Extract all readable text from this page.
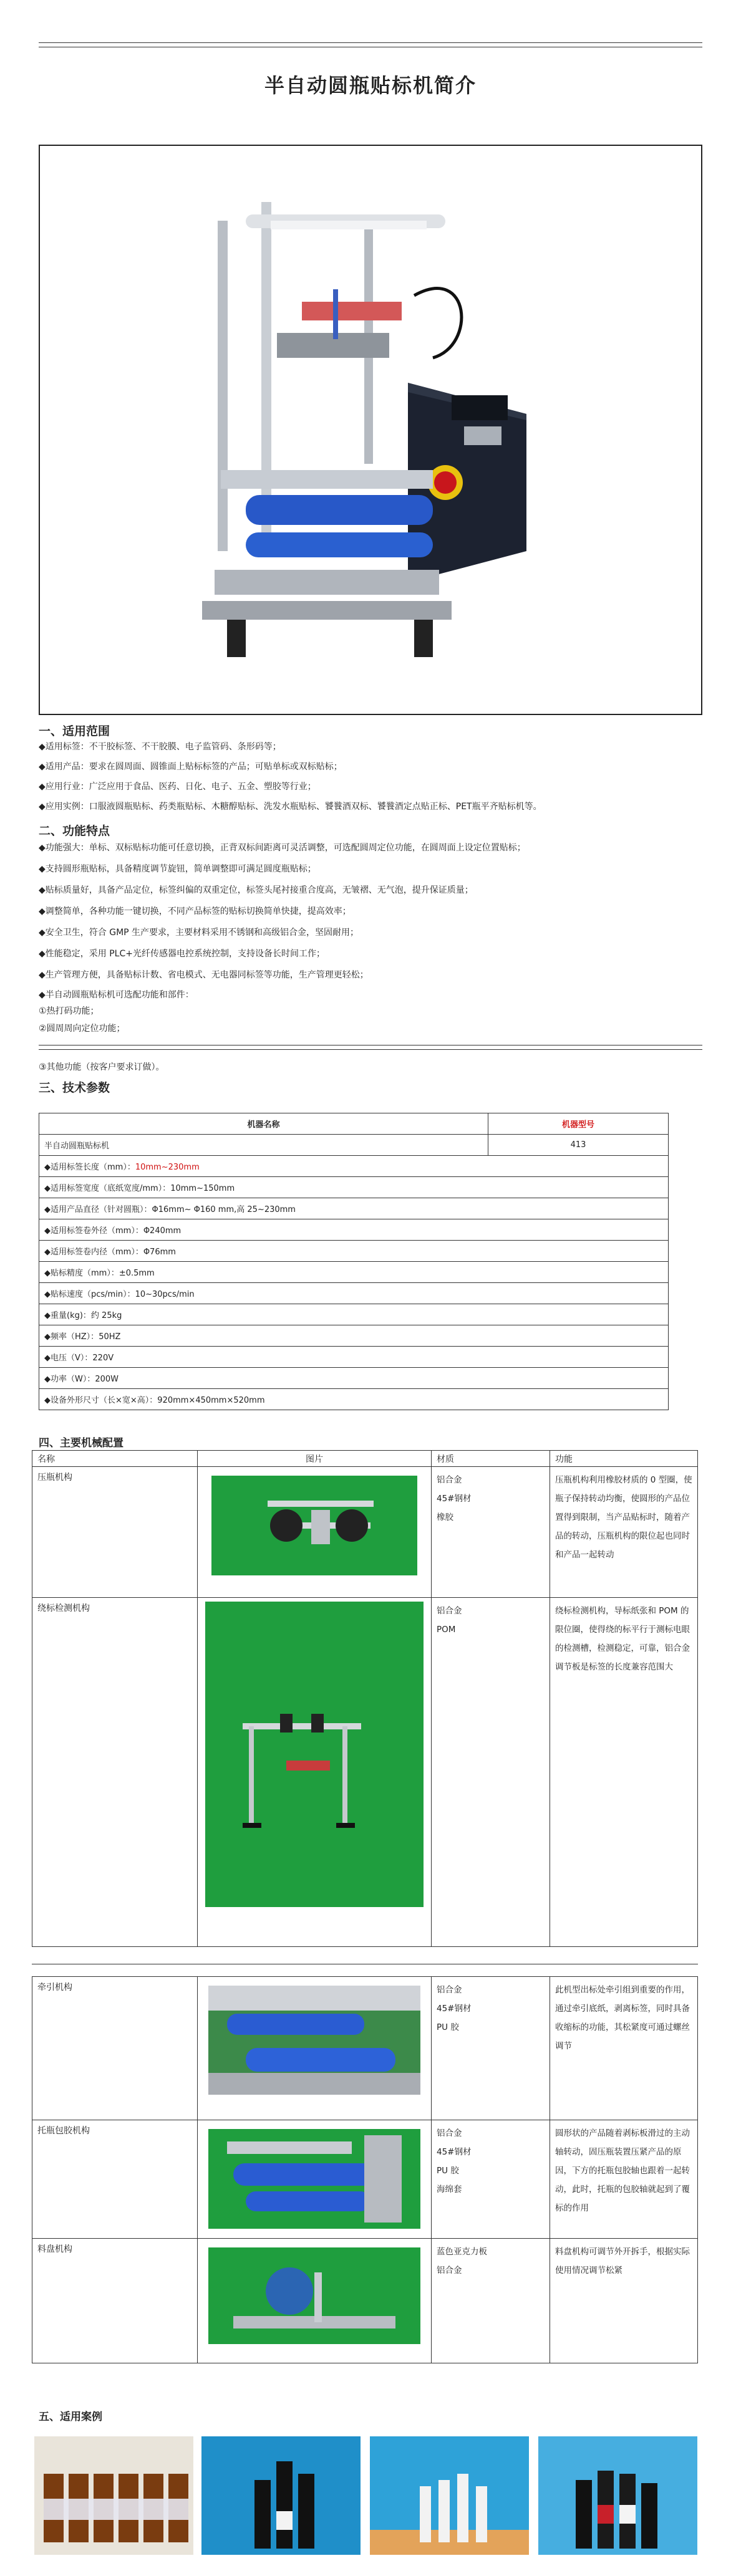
半自动圆瓶贴标机简介
一、适用范围
◆适用标签：不干胶标签、不干胶膜、电子监管码、条形码等；
◆适用产品：要求在圆周面、圆锥面上贴标标签的产品；可贴单标或双标贴标；
◆应用行业：广泛应用于食品、医药、日化、电子、五金、塑胶等行业；
◆应用实例：口服液圆瓶贴标、药类瓶贴标、木糖醇贴标、洗发水瓶贴标、饕餮酒双标、饕餮酒定点贴正标、PET瓶平齐贴标机等。
二、功能特点
◆功能强大：单标、双标贴标功能可任意切换，正背双标间距离可灵活调整，可选配圆周定位功能，在圆周面上设定位置贴标；
◆支持圆形瓶贴标，具备精度调节旋钮，简单调整即可满足圆度瓶贴标；
◆贴标质量好，具备产品定位，标签纠偏的双重定位，标签头尾衬接重合度高，无皱褶、无气泡，提升保证质量；
◆调整简单，各种功能一键切换，不同产品标签的贴标切换简单快捷，提高效率；
◆安全卫生，符合 GMP 生产要求，主要材料采用不锈钢和高级铝合金，坚固耐用；
◆性能稳定，采用 PLC+光纤传感器电控系统控制，支持设备长时间工作；
◆生产管理方便，具备贴标计数、省电模式、无电器同标签等功能，生产管理更轻松；
◆半自动圆瓶贴标机可选配功能和部件：
①热打码功能；
②圆周周向定位功能；
③其他功能（按客户要求订做）。
三、技术参数
机器名称	机器型号
半自动圆瓶贴标机	413
◆适用标签长度（mm）：10mm~230mm	
◆适用标签宽度（底纸宽度/mm）：10mm~150mm	
◆适用产品直径（针对圆瓶）：Φ16mm~ Φ160 mm,高 25~230mm	
◆适用标签卷外径（mm）：Φ240mm	
◆适用标签卷内径（mm）：Φ76mm	
◆贴标精度（mm）：±0.5mm	
◆贴标速度（pcs/min）：10~30pcs/min	
◆重量(kg)：约 25kg	
◆频率（HZ）：50HZ	
◆电压（V）：220V	
◆功率（W）：200W	
◆设备外形尺寸（长×宽×高）：920mm×450mm×520mm	
四、主要机械配置
名称	图片	材质	功能
压瓶机构		铝合金
45#钢材
橡胶	压瓶机构利用橡胶材质的 0 型圈，使瓶子保持转动均衡，使圆形的产品位置得到限制，当产品贴标时，随着产品的转动，压瓶机构的限位起也同时和产品一起转动
绕标检测机构		铝合金
POM	绕标检测机构，导标纸张和 POM 的限位圈，使得绕的标平行于测标电眼的检测槽，检测稳定，可靠，铝合金调节板是标签的长度兼容范围大
牵引机构		铝合金
45#钢材
PU 胶	此机型出标处牵引组到重要的作用，通过牵引底纸，剥离标签，同时具备收缩标的功能，其松紧度可通过螺丝调节
托瓶包胶机构		铝合金
45#钢材
PU 胶
海绵套	圆形状的产品随着剥标板滑过的主动轴转动，固压瓶装置压紧产品的原因，下方的托瓶包胶轴也跟着一起转动，此时，托瓶的包胶轴就起到了覆标的作用
料盘机构		蓝色亚克力板
铝合金	料盘机构可调节外开拆手，根据实际使用情况调节松紧
五、适用案例
